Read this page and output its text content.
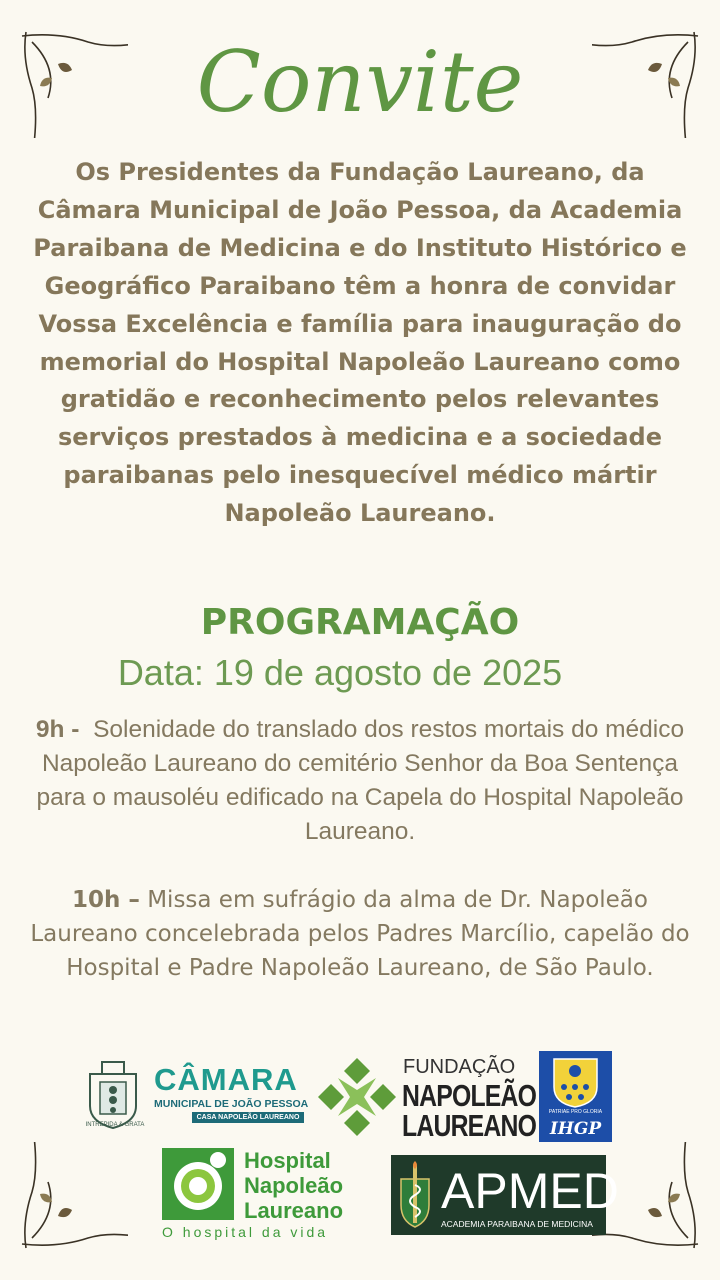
Convite

Os Presidentes da Fundação Laureano, da Câmara Municipal de João Pessoa, da Academia Paraibana de Medicina e do Instituto Histórico e Geográfico Paraibano têm a honra de convidar Vossa Excelência e família para inauguração do memorial do Hospital Napoleão Laureano como gratidão e reconhecimento pelos relevantes serviços prestados à medicina e a sociedade paraibanas pelo inesquecível médico mártir Napoleão Laureano.

PROGRAMAÇÃO
Data: 19 de agosto de 2025

9h - Solenidade do translado dos restos mortais do médico Napoleão Laureano do cemitério Senhor da Boa Sentença para o mausoléu edificado na Capela do Hospital Napoleão Laureano.

10h – Missa em sufrágio da alma de Dr. Napoleão Laureano concelebrada pelos Padres Marcílio, capelão do Hospital e Padre Napoleão Laureano, de São Paulo.

INTREPIDA & GRATA
CÂMARA
MUNICIPAL DE JOÃO PESSOA
CASA NAPOLEÃO LAUREANO
FUNDAÇÃO
NAPOLEÃO
LAUREANO	PATRIAE PRO GLORIA
IHGP
Hospital
Napoleão
Laureano
O hospital da vida
APMED
ACADEMIA PARAIBANA DE MEDICINA
